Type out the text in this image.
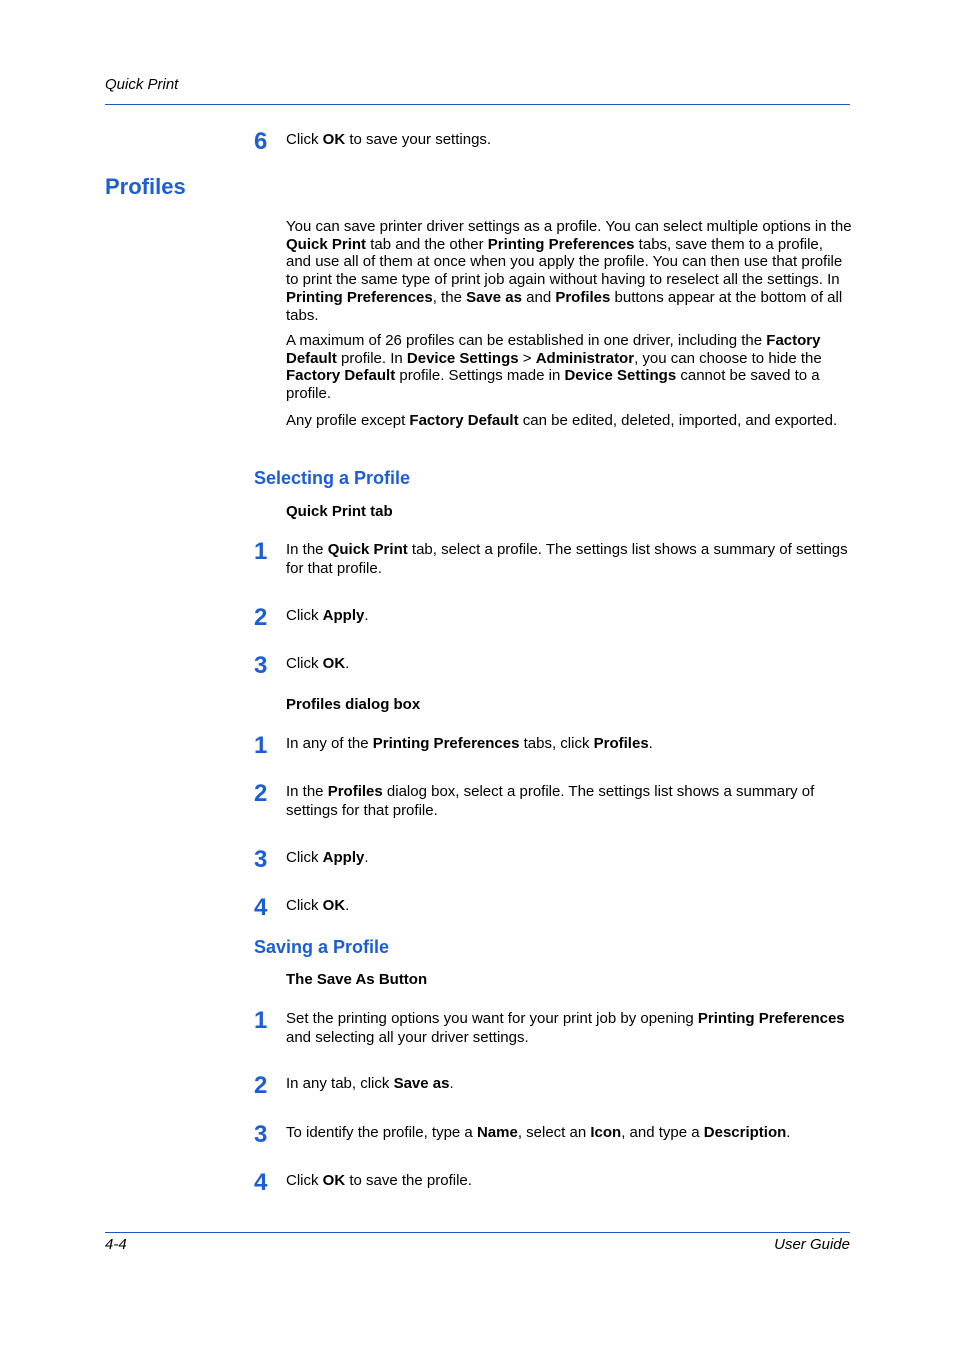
Quick Print
6 Click OK to save your settings.
Profiles
You can save printer driver settings as a profile. You can select multiple options in the Quick Print tab and the other Printing Preferences tabs, save them to a profile, and use all of them at once when you apply the profile. You can then use that profile to print the same type of print job again without having to reselect all the settings. In Printing Preferences, the Save as and Profiles buttons appear at the bottom of all tabs.
A maximum of 26 profiles can be established in one driver, including the Factory Default profile. In Device Settings > Administrator, you can choose to hide the Factory Default profile. Settings made in Device Settings cannot be saved to a profile.
Any profile except Factory Default can be edited, deleted, imported, and exported.
Selecting a Profile
Quick Print tab
1 In the Quick Print tab, select a profile. The settings list shows a summary of settings for that profile.
2 Click Apply.
3 Click OK.
Profiles dialog box
1 In any of the Printing Preferences tabs, click Profiles.
2 In the Profiles dialog box, select a profile. The settings list shows a summary of settings for that profile.
3 Click Apply.
4 Click OK.
Saving a Profile
The Save As Button
1 Set the printing options you want for your print job by opening Printing Preferences and selecting all your driver settings.
2 In any tab, click Save as.
3 To identify the profile, type a Name, select an Icon, and type a Description.
4 Click OK to save the profile.
4-4	User Guide
